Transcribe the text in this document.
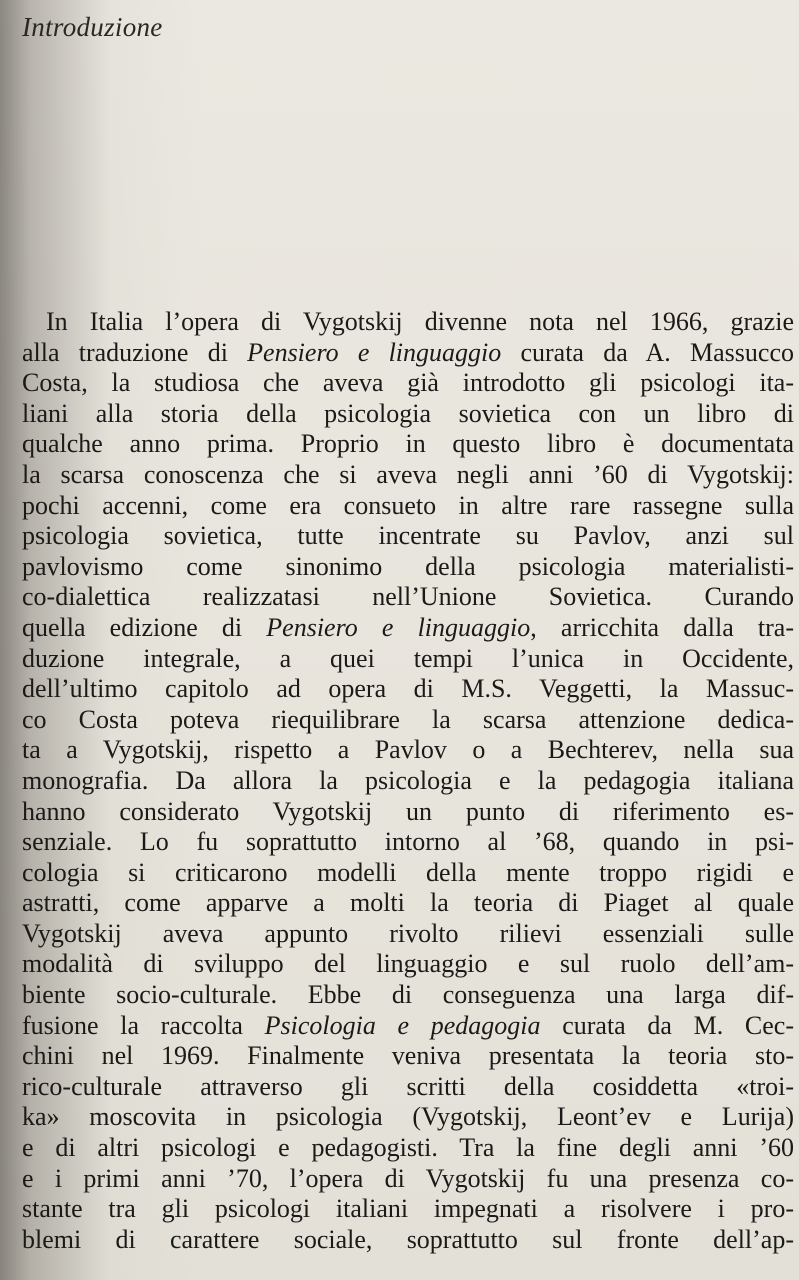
Introduzione
In Italia l’opera di Vygotskij divenne nota nel 1966, grazie
alla traduzione di Pensiero e linguaggio curata da A. Massucco
Costa, la studiosa che aveva già introdotto gli psicologi ita-
liani alla storia della psicologia sovietica con un libro di
qualche anno prima. Proprio in questo libro è documentata
la scarsa conoscenza che si aveva negli anni ’60 di Vygotskij:
pochi accenni, come era consueto in altre rare rassegne sulla
psicologia sovietica, tutte incentrate su Pavlov, anzi sul
pavlovismo come sinonimo della psicologia materialisti-
co-dialettica realizzatasi nell’Unione Sovietica. Curando
quella edizione di Pensiero e linguaggio, arricchita dalla tra-
duzione integrale, a quei tempi l’unica in Occidente,
dell’ultimo capitolo ad opera di M.S. Veggetti, la Massuc-
co Costa poteva riequilibrare la scarsa attenzione dedica-
ta a Vygotskij, rispetto a Pavlov o a Bechterev, nella sua
monografia. Da allora la psicologia e la pedagogia italiana
hanno considerato Vygotskij un punto di riferimento es-
senziale. Lo fu soprattutto intorno al ’68, quando in psi-
cologia si criticarono modelli della mente troppo rigidi e
astratti, come apparve a molti la teoria di Piaget al quale
Vygotskij aveva appunto rivolto rilievi essenziali sulle
modalità di sviluppo del linguaggio e sul ruolo dell’am-
biente socio-culturale. Ebbe di conseguenza una larga dif-
fusione la raccolta Psicologia e pedagogia curata da M. Cec-
chini nel 1969. Finalmente veniva presentata la teoria sto-
rico-culturale attraverso gli scritti della cosiddetta «troi-
ka» moscovita in psicologia (Vygotskij, Leont’ev e Lurija)
e di altri psicologi e pedagogisti. Tra la fine degli anni ’60
e i primi anni ’70, l’opera di Vygotskij fu una presenza co-
stante tra gli psicologi italiani impegnati a risolvere i pro-
blemi di carattere sociale, soprattutto sul fronte dell’ap-
